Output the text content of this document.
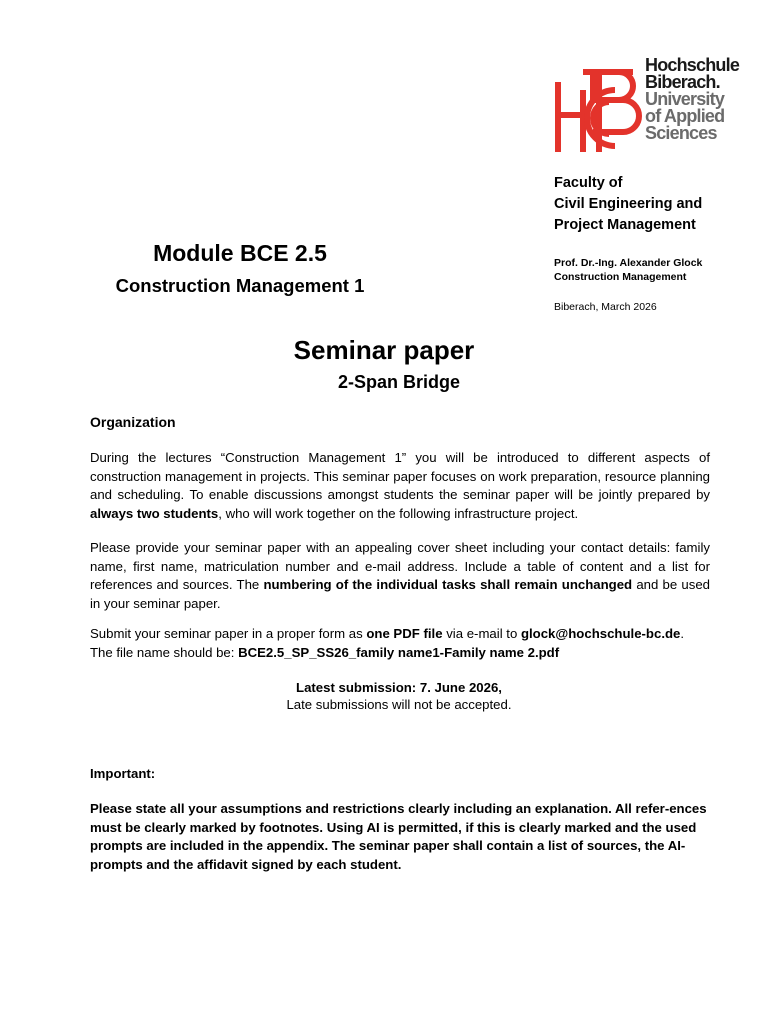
Hochschule
Biberach.
University
of Applied
Sciences
Faculty of
Civil Engineering and
Project Management
Prof. Dr.-Ing. Alexander Glock
Construction Management
Biberach, March 2026
Module BCE 2.5
Construction Management 1
Seminar paper
2-Span Bridge
Organization
During the lectures “Construction Management 1” you will be introduced to different aspects of construction management in projects. This seminar paper focuses on work preparation, resource planning and scheduling. To enable discussions amongst students the seminar paper will be jointly prepared by always two students, who will work together on the following infrastructure project.
Please provide your seminar paper with an appealing cover sheet including your contact details: family name, first name, matriculation number and e-mail address. Include a table of content and a list for references and sources. The numbering of the individual tasks shall remain unchanged and be used in your seminar paper.
Submit your seminar paper in a proper form as one PDF file via e-mail to glock@hochschule-bc.de.
The file name should be: BCE2.5_SP_SS26_family name1-Family name 2.pdf
Latest submission: 7. June 2026,
Late submissions will not be accepted.
Important:
Please state all your assumptions and restrictions clearly including an explanation. All refer-ences must be clearly marked by footnotes. Using AI is permitted, if this is clearly marked and the used prompts are included in the appendix. The seminar paper shall contain a list of sources, the AI-prompts and the affidavit signed by each student.
